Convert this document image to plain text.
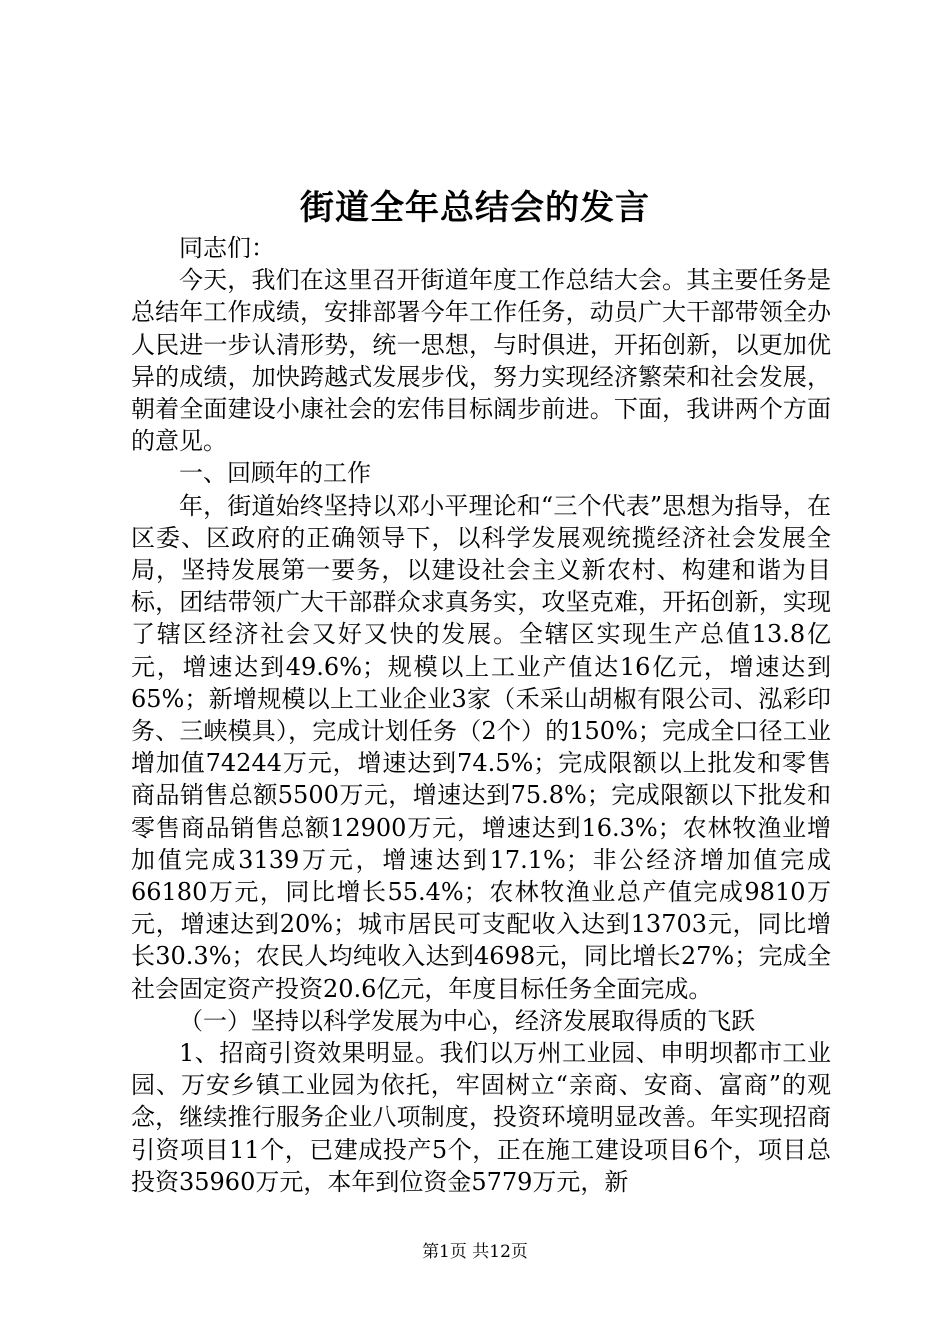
街道全年总结会的发言

同志们：

今天，我们在这里召开街道年度工作总结大会。其主要任务是总结年工作成绩，安排部署今年工作任务，动员广大干部带领全办人民进一步认清形势，统一思想，与时俱进，开拓创新，以更加优异的成绩，加快跨越式发展步伐，努力实现经济繁荣和社会发展，朝着全面建设小康社会的宏伟目标阔步前进。下面，我讲两个方面的意见。

一、回顾年的工作

年，街道始终坚持以邓小平理论和“三个代表”思想为指导，在区委、区政府的正确领导下，以科学发展观统揽经济社会发展全局，坚持发展第一要务，以建设社会主义新农村、构建和谐为目标，团结带领广大干部群众求真务实，攻坚克难，开拓创新，实现了辖区经济社会又好又快的发展。全辖区实现生产总值13.8亿元，增速达到49.6%；规模以上工业产值达16亿元，增速达到65%；新增规模以上工业企业3家（禾采山胡椒有限公司、泓彩印务、三峡模具），完成计划任务（2个）的150%；完成全口径工业增加值74244万元，增速达到74.5%；完成限额以上批发和零售商品销售总额5500万元，增速达到75.8%；完成限额以下批发和零售商品销售总额12900万元，增速达到16.3%；农林牧渔业增加值完成3139万元，增速达到17.1%；非公经济增加值完成66180万元，同比增长55.4%；农林牧渔业总产值完成9810万元，增速达到20%；城市居民可支配收入达到13703元，同比增长30.3%；农民人均纯收入达到4698元，同比增长27%；完成全社会固定资产投资20.6亿元，年度目标任务全面完成。

（一）坚持以科学发展为中心，经济发展取得质的飞跃

1、招商引资效果明显。我们以万州工业园、申明坝都市工业园、万安乡镇工业园为依托，牢固树立“亲商、安商、富商”的观念，继续推行服务企业八项制度，投资环境明显改善。年实现招商引资项目11个，已建成投产5个，正在施工建设项目6个，项目总投资35960万元，本年到位资金5779万元，新

第1页 共12页
